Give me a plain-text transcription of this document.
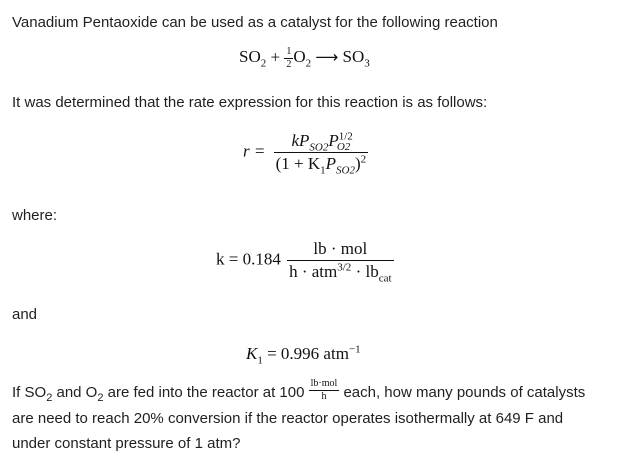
Vanadium Pentaoxide can be used as a catalyst for the following reaction
$SO_2 + \frac{1}{2} O_2$ ⟶ $SO_3$
It was determined that the rate expression for this reaction is as follows:
$r = \frac{kP_{SO2}P^{1/2}_{O2}}{(1 + K_1P_{SO2})^2}$
where:
$k = 0.184 \frac{\text{lb · mol}}{h \cdot atm^{3/2} \cdot lb_{cat}}$
and
$K_1 = 0.996$ atm$^{-1}$
If $SO_2$ and $O_2$ are fed into the reactor at $100 \frac{\text{lb·mol}}{h}$ each, how many pounds of catalysts
are need to reach 20% conversion if the reactor operates isothermally at 649 F and
under constant pressure of 1 atm?
